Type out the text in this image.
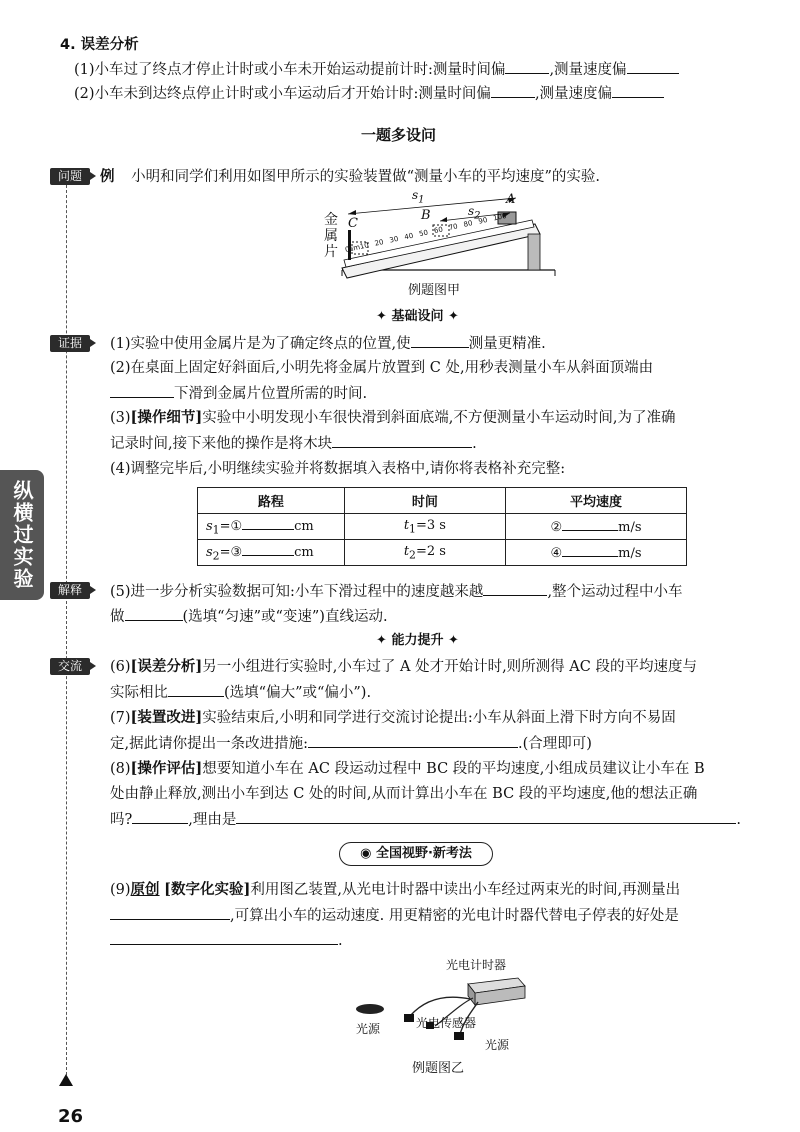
4. 误差分析
(1)小车过了终点才停止计时或小车未开始运动提前计时:测量时间偏	,测量速度偏
(2)小车未到达终点停止计时或小车运动后才开始计时:测量时间偏	,测量速度偏
一题多设问
纵横过实验
问题
证据
解释
交流
例 小明和同学们利用如图甲所示的实验装置做“测量小车的平均速度”的实验.
金
属
片
C
B
A
$s_1$
$s_2$
0cm10 20 30 40 50 60 70 80 90 100
例题图甲
✦ 基础设问 ✦
(1)实验中使用金属片是为了确定终点的位置,使	测量更精准.
(2)在桌面上固定好斜面后,小明先将金属片放置到 C 处,用秒表测量小车从斜面顶端由
下滑到金属片位置所需的时间.
(3)[操作细节]实验中小明发现小车很快滑到斜面底端,不方便测量小车运动时间,为了准确
记录时间,接下来他的操作是将木块	.
(4)调整完毕后,小明继续实验并将数据填入表格中,请你将表格补充完整:
路程	时间	平均速度
$s_1=①$ cm	$t_1=3$ s	② m/s
$s_2=③$ cm	$t_2=2$ s	④ m/s
(5)进一步分析实验数据可知:小车下滑过程中的速度越来越	,整个运动过程中小车
做	(选填“匀速”或“变速”)直线运动.
✦ 能力提升 ✦
(6)[误差分析]另一小组进行实验时,小车过了 A 处才开始计时,则所测得 AC 段的平均速度与
实际相比	(选填“偏大”或“偏小”).
(7)[装置改进]实验结束后,小明和同学进行交流讨论提出:小车从斜面上滑下时方向不易固
定,据此请你提出一条改进措施:	.(合理即可)
(8)[操作评估]想要知道小车在 AC 段运动过程中 BC 段的平均速度,小组成员建议让小车在 B
处由静止释放,测出小车到达 C 处的时间,从而计算出小车在 BC 段的平均速度,他的想法正确
吗?	,理由是	.
◉ 全国视野·新考法
(9)原创 [数字化实验]利用图乙装置,从光电计时器中读出小车经过两束光的时间,再测量出
,可算出小车的运动速度. 用更精密的光电计时器代替电子停表的好处是
.
光电计时器
光源	光电传感器
光源
例题图乙
26
